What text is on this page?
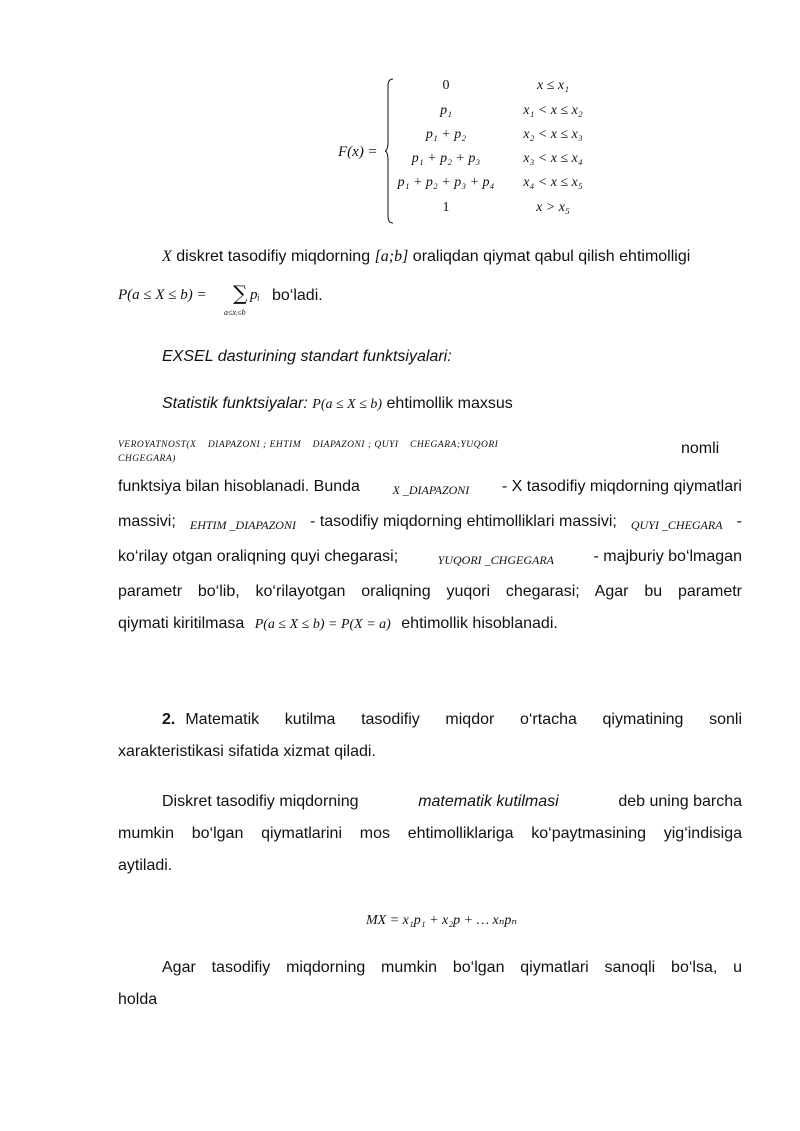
F(x) =
0	x ≤ x₁
p₁	x₁ < x ≤ x₂
p₁ + p₂	x₂ < x ≤ x₃
p₁ + p₂ + p₃	x₃ < x ≤ x₄
p₁ + p₂ + p₃ + p₄	x₄ < x ≤ x₅
1	x > x₅
X diskret tasodifiy miqdorning [a;b] oraliqdan qiymat qabul qilish ehtimolligi
P(a ≤ X ≤ b) = ∑ pᵢ
a≤xᵢ≤b
bo‘ladi.
EXSEL dasturining standart funktsiyalari:
Statistik funktsiyalar: P(a ≤ X ≤ b) ehtimollik maxsus
VEROYATNOST(X    DIAPAZONI ; EHTIM    DIAPAZONI ; QUYI    CHEGARA;YUQORI
CHGEGARA)
nomli
funktsiya bilan hisoblanadi. Bunda	X _DIAPAZONI - X tasodifiy miqdorning qiymatlari
massivi; EHTIM _DIAPAZONI - tasodifiy miqdorning ehtimolliklari massivi; QUYI _CHEGARA -
ko‘rilay otgan oraliqning quyi chegarasi;	YUQORI _CHGEGARA - majburiy bo‘lmagan
parametr bo‘lib, ko‘rilayotgan oraliqning yuqori chegarasi; Agar bu parametr
qiymati kiritilmasa P(a ≤ X ≤ b) = P(X = a) ehtimollik hisoblanadi.
2. Matematik kutilma tasodifiy miqdor o‘rtacha qiymatining sonli
xarakteristikasi sifatida xizmat qiladi.
Diskret tasodifiy miqdorning	matematik kutilmasi	deb uning barcha
mumkin bo‘lgan qiymatlarini mos ehtimolliklariga ko‘paytmasining yig‘indisiga
aytiladi.
MX = x₁p₁ + x₂p + … xₙpₙ
Agar tasodifiy miqdorning mumkin bo‘lgan qiymatlari sanoqli bo‘lsa, u
holda
